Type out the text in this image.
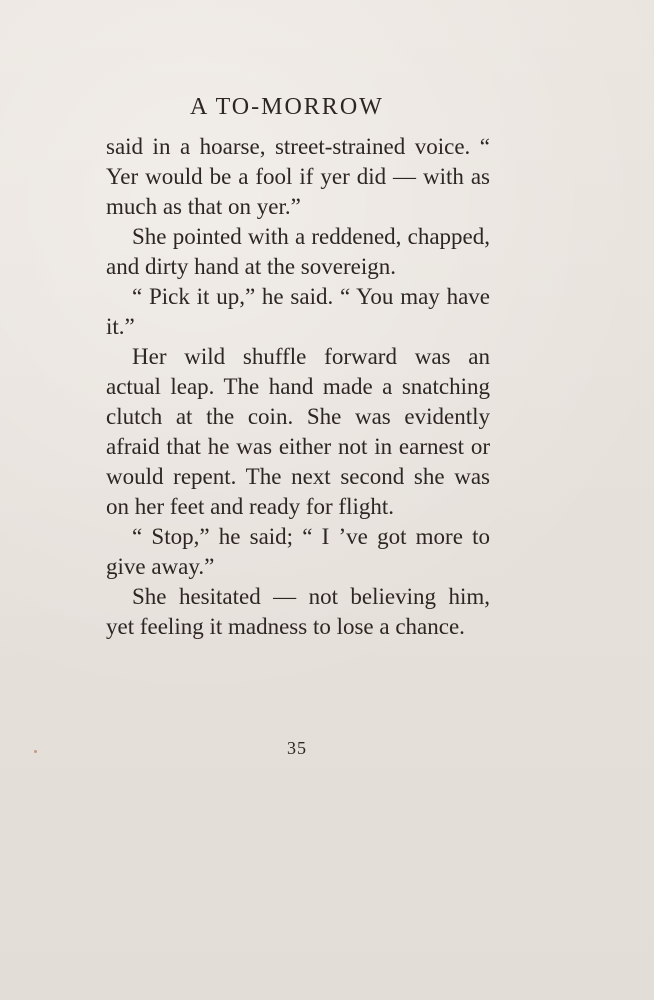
A TO-MORROW

said in a hoarse, street-strained voice. “ Yer would be a fool if yer did — with as much as that on yer.”

She pointed with a reddened, chapped, and dirty hand at the sovereign.

“ Pick it up,” he said. “ You may have it.”

Her wild shuffle forward was an actual leap. The hand made a snatching clutch at the coin. She was evidently afraid that he was either not in earnest or would repent. The next second she was on her feet and ready for flight.

“ Stop,” he said; “ I ’ve got more to give away.”

She hesitated — not believing him, yet feeling it madness to lose a chance.

35
